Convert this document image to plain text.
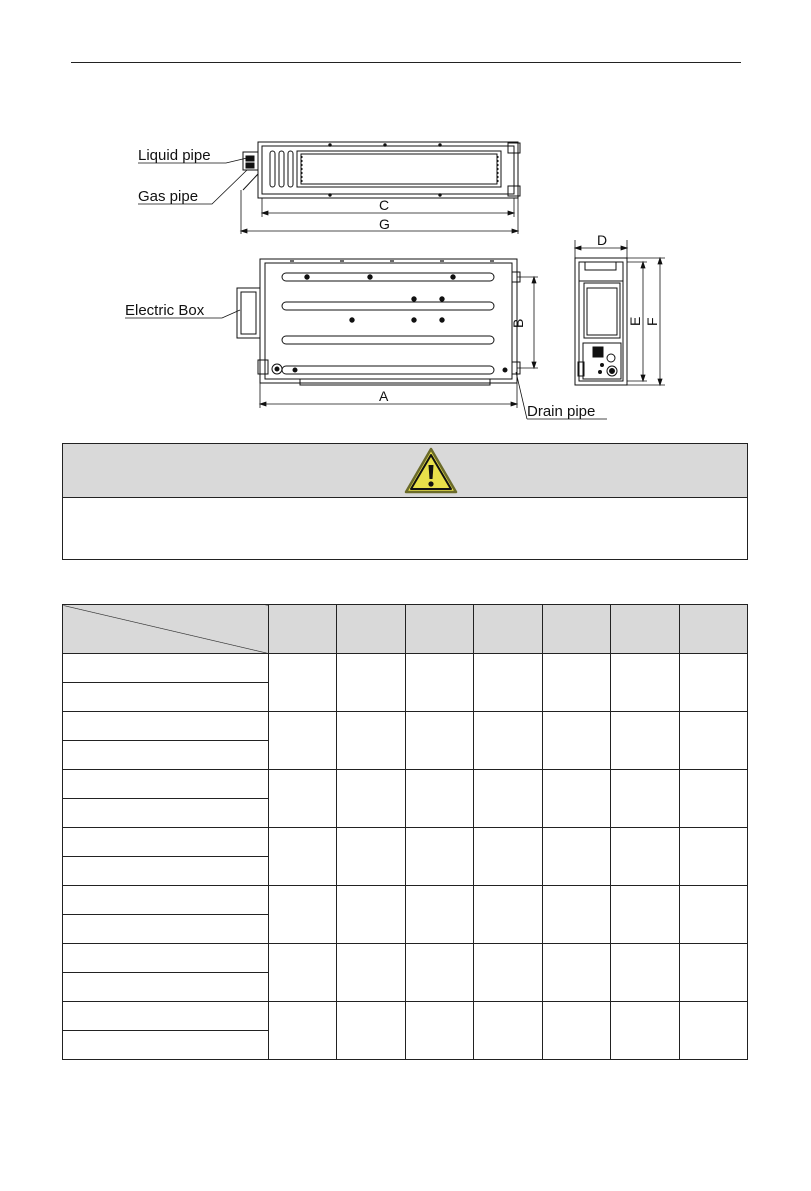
Liquid pipe
Gas pipe
Electric Box
Drain pipe
C
G
A
D
B	E F
